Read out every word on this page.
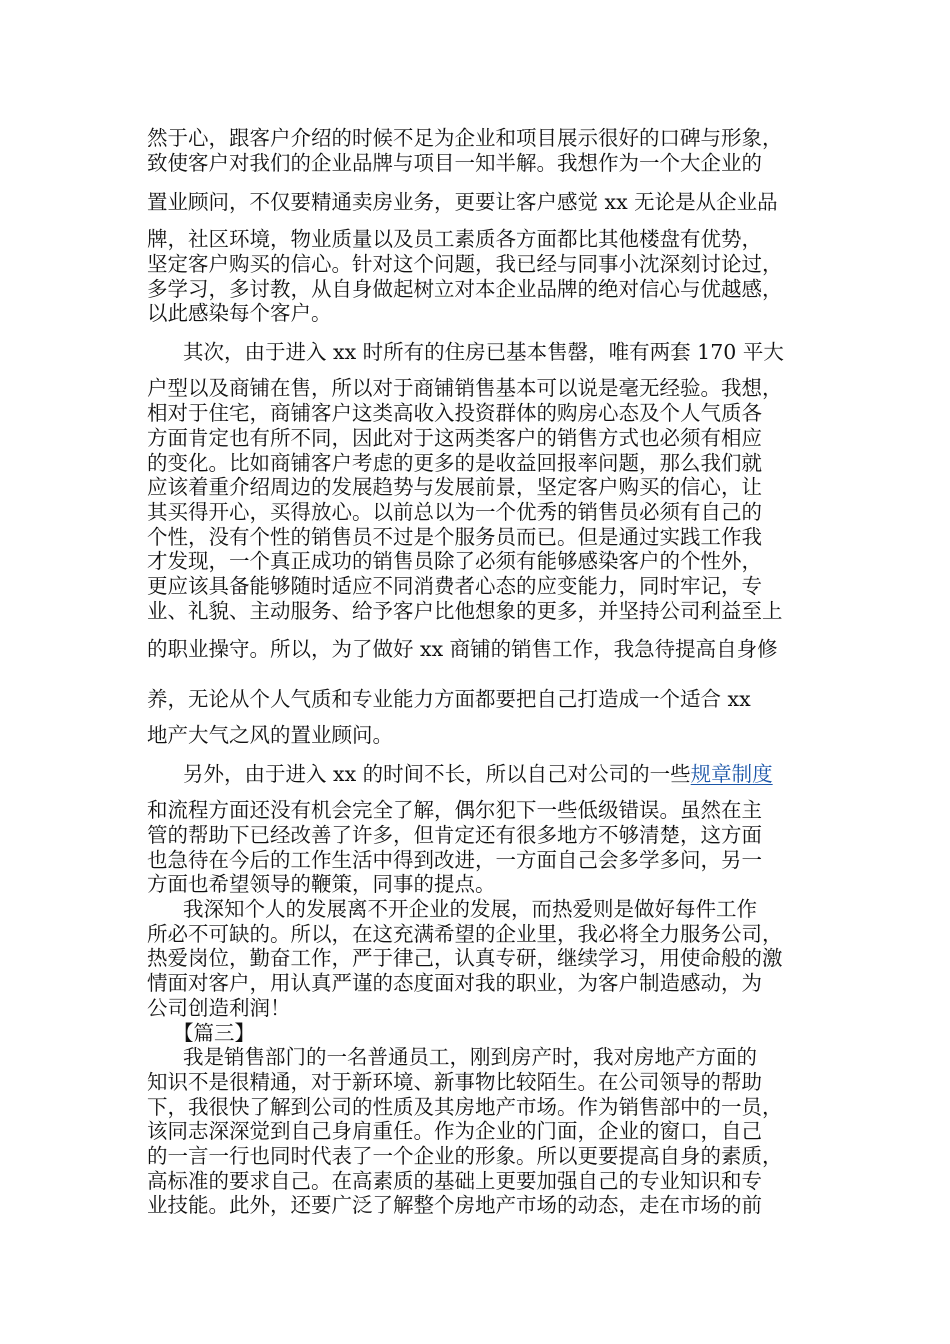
然于心，跟客户介绍的时候不足为企业和项目展示很好的口碑与形象，

致使客户对我们的企业品牌与项目一知半解。我想作为一个大企业的

置业顾问，不仅要精通卖房业务，更要让客户感觉 xx 无论是从企业品

牌，社区环境，物业质量以及员工素质各方面都比其他楼盘有优势，

坚定客户购买的信心。针对这个问题，我已经与同事小沈深刻讨论过，

多学习，多讨教，从自身做起树立对本企业品牌的绝对信心与优越感，

以此感染每个客户。

其次，由于进入 xx 时所有的住房已基本售罄，唯有两套 170 平大

户型以及商铺在售，所以对于商铺销售基本可以说是毫无经验。我想，

相对于住宅，商铺客户这类高收入投资群体的购房心态及个人气质各

方面肯定也有所不同，因此对于这两类客户的销售方式也必须有相应

的变化。比如商铺客户考虑的更多的是收益回报率问题，那么我们就

应该着重介绍周边的发展趋势与发展前景，坚定客户购买的信心，让

其买得开心，买得放心。以前总以为一个优秀的销售员必须有自己的

个性，没有个性的销售员不过是个服务员而已。但是通过实践工作我

才发现，一个真正成功的销售员除了必须有能够感染客户的个性外，

更应该具备能够随时适应不同消费者心态的应变能力，同时牢记，专

业、礼貌、主动服务、给予客户比他想象的更多，并坚持公司利益至上

的职业操守。所以，为了做好 xx 商铺的销售工作，我急待提高自身修

养，无论从个人气质和专业能力方面都要把自己打造成一个适合 xx

地产大气之风的置业顾问。

另外，由于进入 xx 的时间不长，所以自己对公司的一些规章制度

和流程方面还没有机会完全了解，偶尔犯下一些低级错误。虽然在主

管的帮助下已经改善了许多，但肯定还有很多地方不够清楚，这方面

也急待在今后的工作生活中得到改进，一方面自己会多学多问，另一

方面也希望领导的鞭策，同事的提点。

我深知个人的发展离不开企业的发展，而热爱则是做好每件工作

所必不可缺的。所以，在这充满希望的企业里，我必将全力服务公司，

热爱岗位，勤奋工作，严于律己，认真专研，继续学习，用使命般的激

情面对客户，用认真严谨的态度面对我的职业，为客户制造感动，为

公司创造利润！

【篇三】

我是销售部门的一名普通员工，刚到房产时，我对房地产方面的

知识不是很精通，对于新环境、新事物比较陌生。在公司领导的帮助

下，我很快了解到公司的性质及其房地产市场。作为销售部中的一员，

该同志深深觉到自己身肩重任。作为企业的门面，企业的窗口，自己

的一言一行也同时代表了一个企业的形象。所以更要提高自身的素质，

高标准的要求自己。在高素质的基础上更要加强自己的专业知识和专

业技能。此外，还要广泛了解整个房地产市场的动态，走在市场的前
